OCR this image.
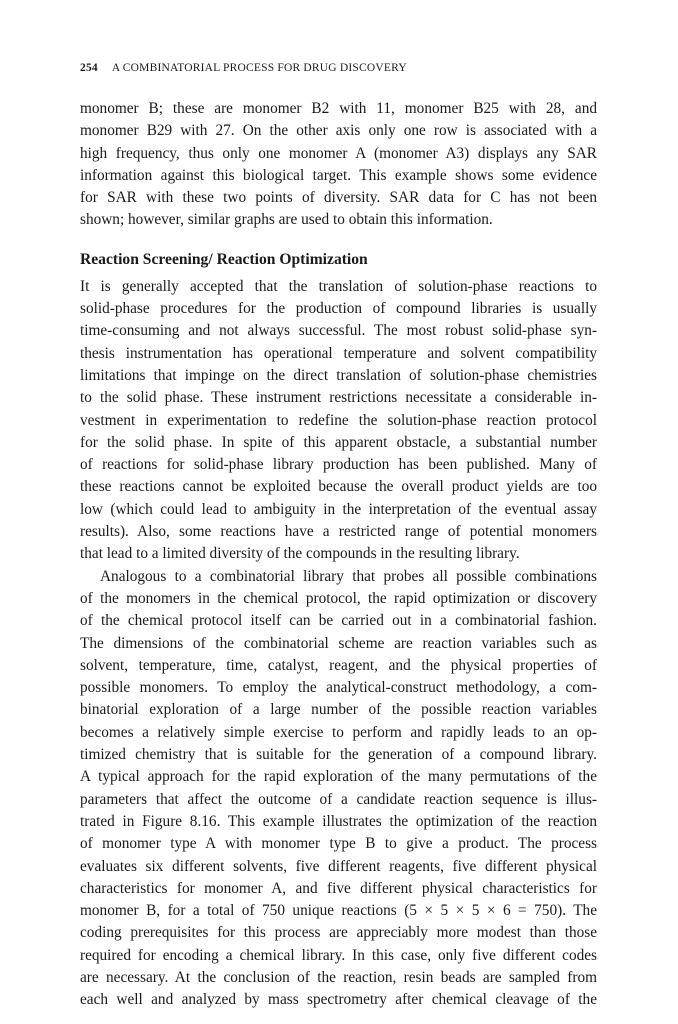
254 A COMBINATORIAL PROCESS FOR DRUG DISCOVERY
monomer B; these are monomer B2 with 11, monomer B25 with 28, and
monomer B29 with 27. On the other axis only one row is associated with a
high frequency, thus only one monomer A (monomer A3) displays any SAR
information against this biological target. This example shows some evidence
for SAR with these two points of diversity. SAR data for C has not been
shown; however, similar graphs are used to obtain this information.
Reaction Screening/ Reaction Optimization
It is generally accepted that the translation of solution-phase reactions to
solid-phase procedures for the production of compound libraries is usually
time-consuming and not always successful. The most robust solid-phase syn-
thesis instrumentation has operational temperature and solvent compatibility
limitations that impinge on the direct translation of solution-phase chemistries
to the solid phase. These instrument restrictions necessitate a considerable in-
vestment in experimentation to redefine the solution-phase reaction protocol
for the solid phase. In spite of this apparent obstacle, a substantial number
of reactions for solid-phase library production has been published. Many of
these reactions cannot be exploited because the overall product yields are too
low (which could lead to ambiguity in the interpretation of the eventual assay
results). Also, some reactions have a restricted range of potential monomers
that lead to a limited diversity of the compounds in the resulting library.
Analogous to a combinatorial library that probes all possible combinations
of the monomers in the chemical protocol, the rapid optimization or discovery
of the chemical protocol itself can be carried out in a combinatorial fashion.
The dimensions of the combinatorial scheme are reaction variables such as
solvent, temperature, time, catalyst, reagent, and the physical properties of
possible monomers. To employ the analytical-construct methodology, a com-
binatorial exploration of a large number of the possible reaction variables
becomes a relatively simple exercise to perform and rapidly leads to an op-
timized chemistry that is suitable for the generation of a compound library.
A typical approach for the rapid exploration of the many permutations of the
parameters that affect the outcome of a candidate reaction sequence is illus-
trated in Figure 8.16. This example illustrates the optimization of the reaction
of monomer type A with monomer type B to give a product. The process
evaluates six different solvents, five different reagents, five different physical
characteristics for monomer A, and five different physical characteristics for
monomer B, for a total of 750 unique reactions (5 × 5 × 5 × 6 = 750). The
coding prerequisites for this process are appreciably more modest than those
required for encoding a chemical library. In this case, only five different codes
are necessary. At the conclusion of the reaction, resin beads are sampled from
each well and analyzed by mass spectrometry after chemical cleavage of the
